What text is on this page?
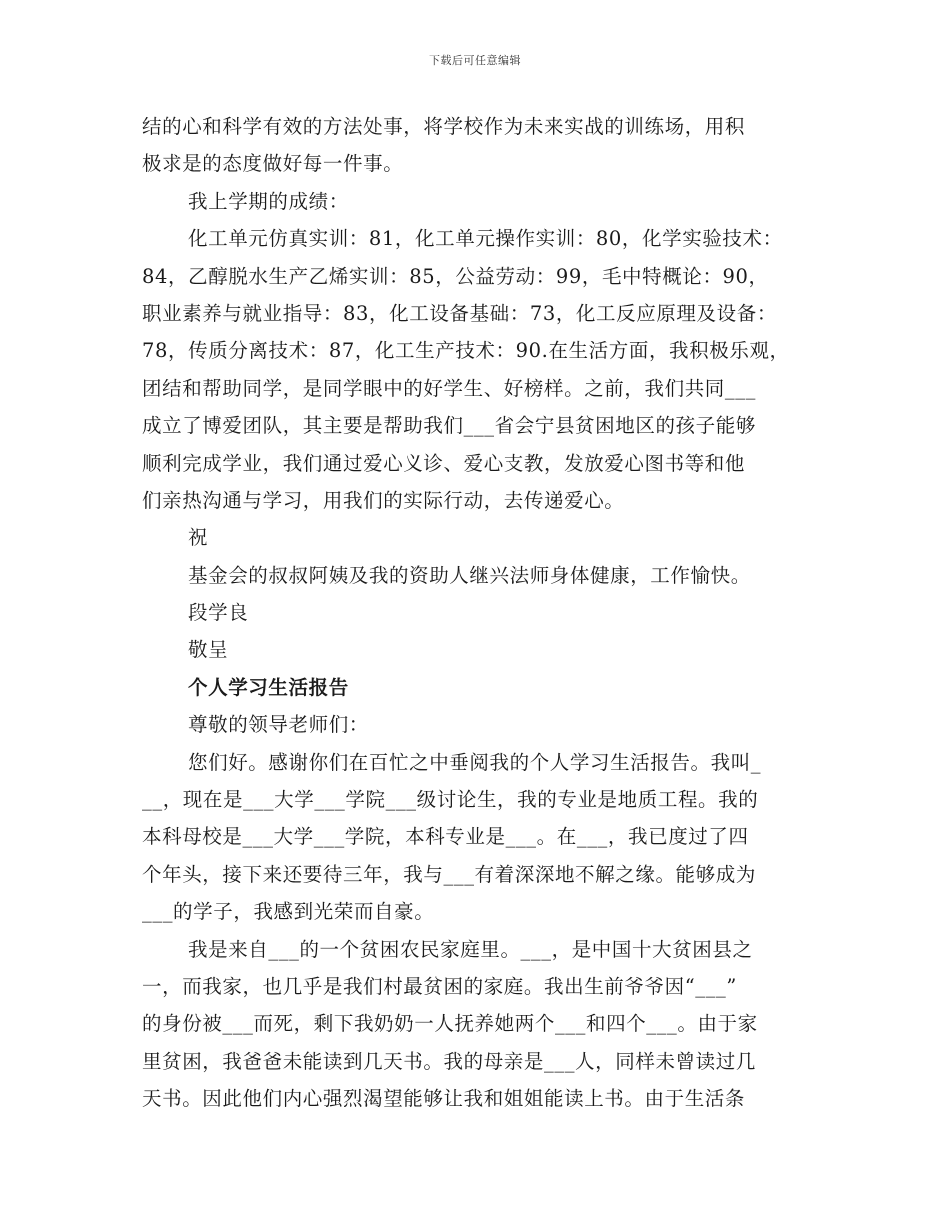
下载后可任意编辑

结的心和科学有效的方法处事，将学校作为未来实战的训练场，用积

极求是的态度做好每一件事。

我上学期的成绩：

化工单元仿真实训：81，化工单元操作实训：80，化学实验技术：

84，乙醇脱水生产乙烯实训：85，公益劳动：99，毛中特概论：90，

职业素养与就业指导：83，化工设备基础：73，化工反应原理及设备：

78，传质分离技术：87，化工生产技术：90.在生活方面，我积极乐观，

团结和帮助同学，是同学眼中的好学生、好榜样。之前，我们共同___

成立了博爱团队，其主要是帮助我们___省会宁县贫困地区的孩子能够

顺利完成学业，我们通过爱心义诊、爱心支教，发放爱心图书等和他

们亲热沟通与学习，用我们的实际行动，去传递爱心。

祝

基金会的叔叔阿姨及我的资助人继兴法师身体健康，工作愉快。

段学良

敬呈

个人学习生活报告

尊敬的领导老师们：

您们好。感谢你们在百忙之中垂阅我的个人学习生活报告。我叫_

__，现在是___大学___学院___级讨论生，我的专业是地质工程。我的

本科母校是___大学___学院，本科专业是___。在___，我已度过了四

个年头，接下来还要待三年，我与___有着深深地不解之缘。能够成为

___的学子，我感到光荣而自豪。

我是来自___的一个贫困农民家庭里。___，是中国十大贫困县之

一，而我家，也几乎是我们村最贫困的家庭。我出生前爷爷因“___”

的身份被___而死，剩下我奶奶一人抚养她两个___和四个___。由于家

里贫困，我爸爸未能读到几天书。我的母亲是___人，同样未曾读过几

天书。因此他们内心强烈渴望能够让我和姐姐能读上书。由于生活条
